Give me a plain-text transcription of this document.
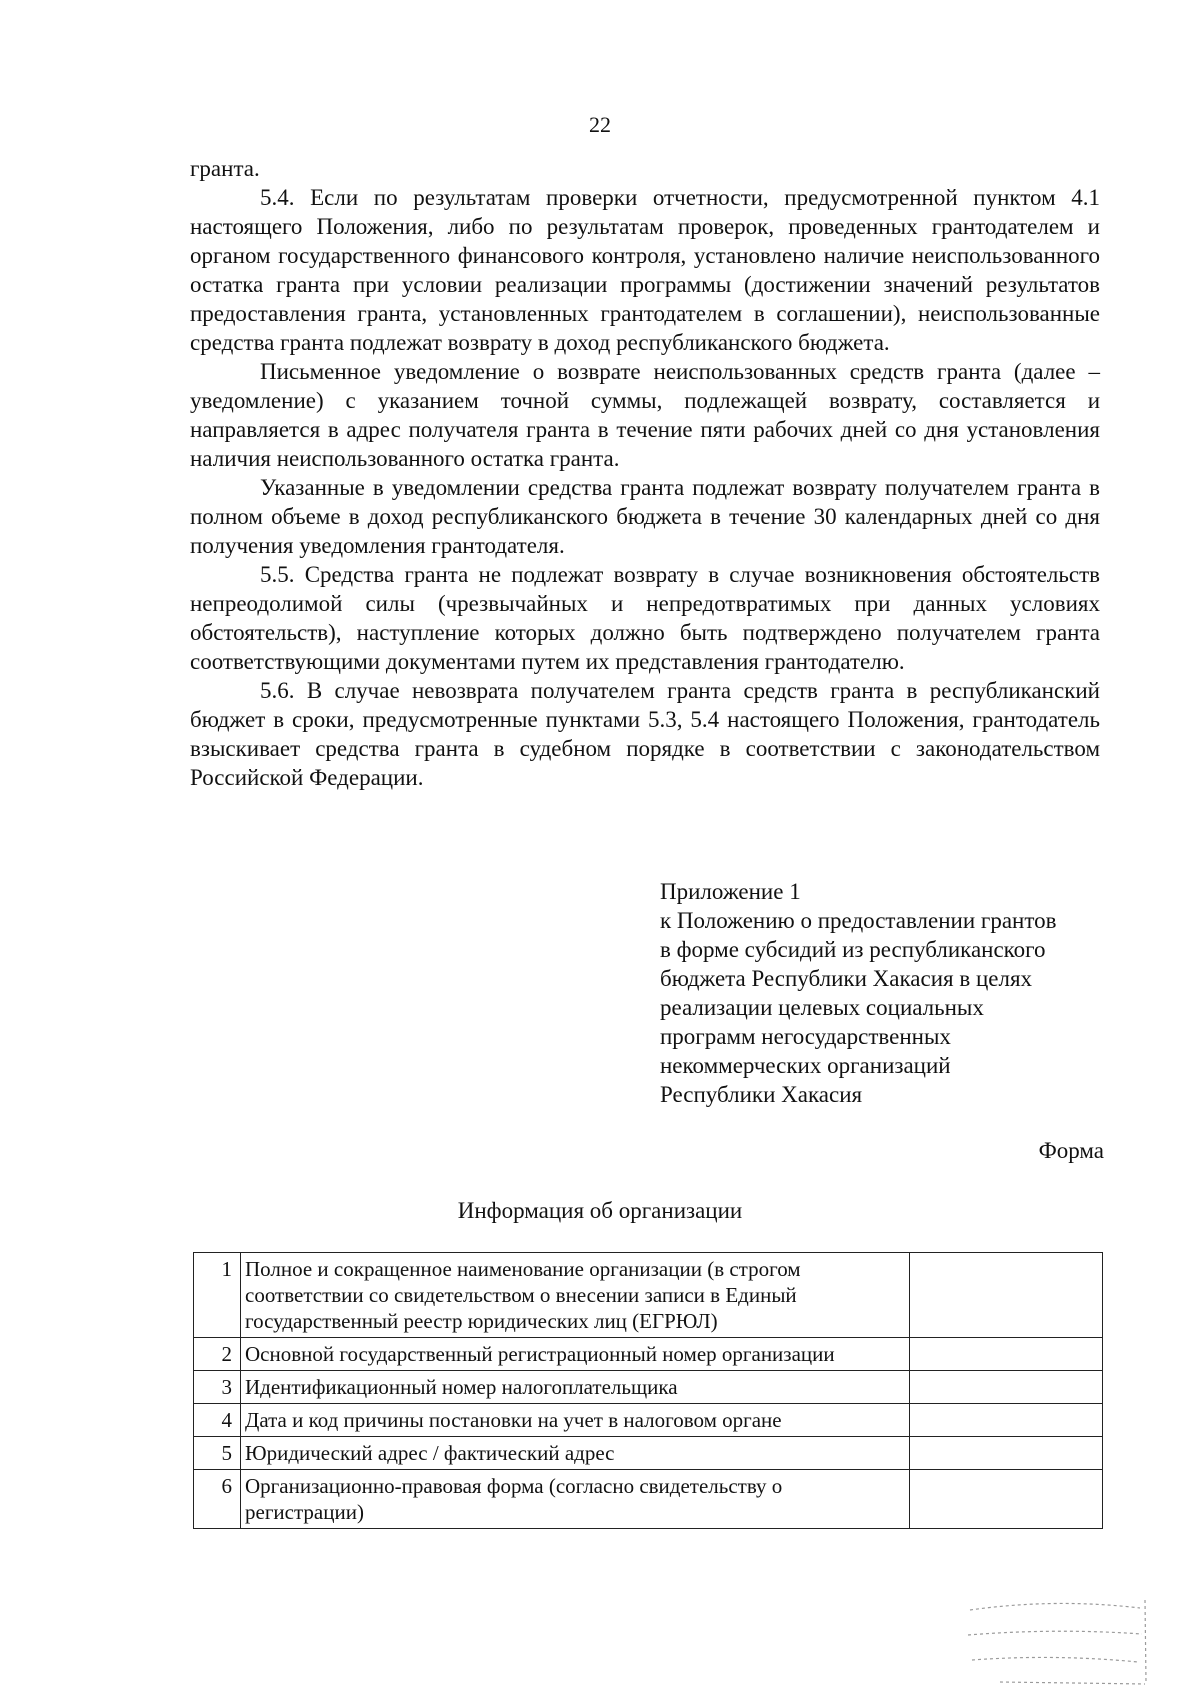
22

гранта.

5.4. Если по результатам проверки отчетности, предусмотренной пунктом 4.1 настоящего Положения, либо по результатам проверок, проведенных грантодателем и органом государственного финансового контроля, установлено наличие неиспользованного остатка гранта при условии реализации программы (достижении значений результатов предоставления гранта, установленных грантодателем в соглашении), неиспользованные средства гранта подлежат возврату в доход республиканского бюджета.

Письменное уведомление о возврате неиспользованных средств гранта (далее – уведомление) с указанием точной суммы, подлежащей возврату, составляется и направляется в адрес получателя гранта в течение пяти рабочих дней со дня установления наличия неиспользованного остатка гранта.

Указанные в уведомлении средства гранта подлежат возврату получателем гранта в полном объеме в доход республиканского бюджета в течение 30 календарных дней со дня получения уведомления грантодателя.

5.5. Средства гранта не подлежат возврату в случае возникновения обстоятельств непреодолимой силы (чрезвычайных и непредотвратимых при данных условиях обстоятельств), наступление которых должно быть подтверждено получателем гранта соответствующими документами путем их представления грантодателю.

5.6. В случае невозврата получателем гранта средств гранта в республиканский бюджет в сроки, предусмотренные пунктами 5.3, 5.4 настоящего Положения, грантодатель взыскивает средства гранта в судебном порядке в соответствии с законодательством Российской Федерации.

Приложение 1
к Положению о предоставлении грантов
в форме субсидий из республиканского
бюджета Республики Хакасия в целях
реализации целевых социальных
программ негосударственных
некоммерческих организаций
Республики Хакасия
Форма
Информация об организации
1	Полное и сокращенное наименование организации (в строгом соответствии со свидетельством о внесении записи в Единый государственный реестр юридических лиц (ЕГРЮЛ)	
2	Основной государственный регистрационный номер организации	
3	Идентификационный номер налогоплательщика	
4	Дата и код причины постановки на учет в налоговом органе	
5	Юридический адрес / фактический адрес	
6	Организационно-правовая форма (согласно свидетельству о регистрации)	
